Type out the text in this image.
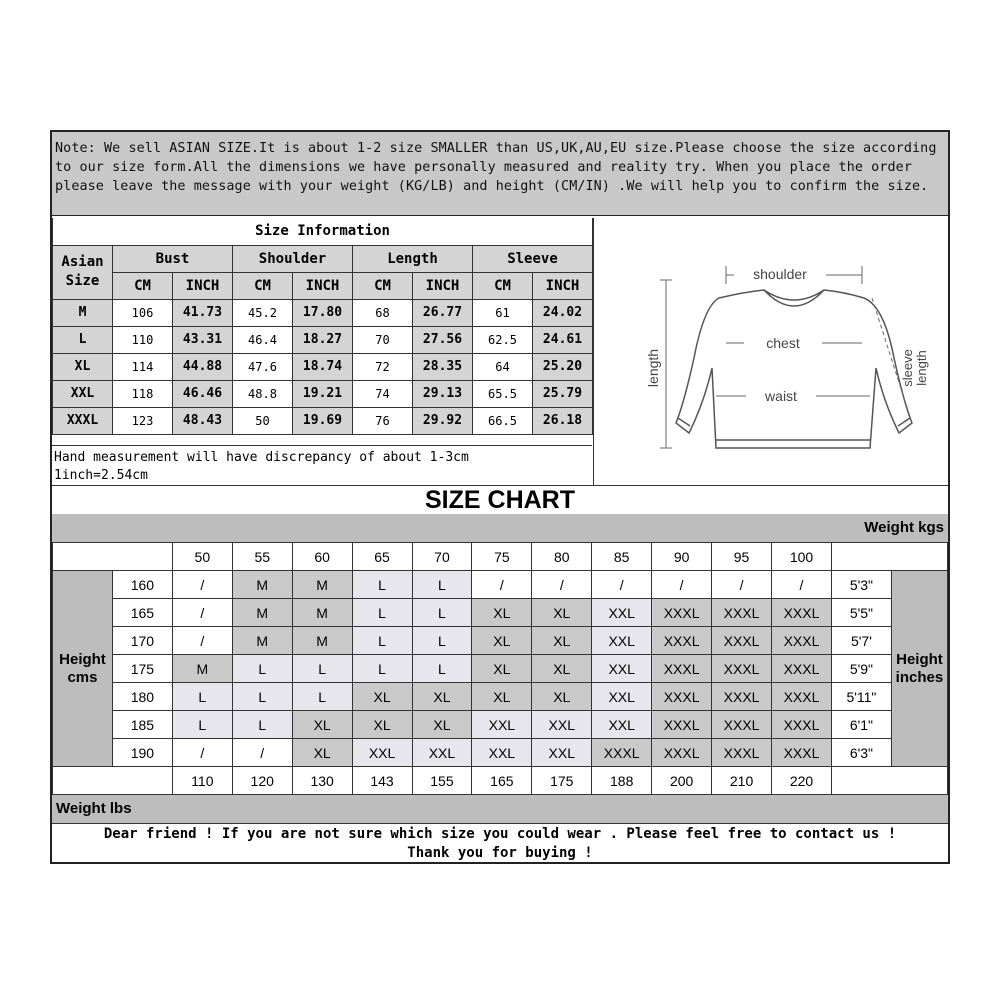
Note: We sell ASIAN SIZE.It is about 1-2 size SMALLER than US,UK,AU,EU size.Please choose the size according to our size form.All the dimensions we have personally measured and reality try. When you place the order please leave the message with your weight (KG/LB) and height (CM/IN) .We will help you to confirm the size.
Size Information								
Asian Size	Bust		Shoulder		Length		Sleeve	
	CM	INCH	CM	INCH	CM	INCH	CM	INCH
M	106	41.73	45.2	17.80	68	26.77	61	24.02
L	110	43.31	46.4	18.27	70	27.56	62.5	24.61
XL	114	44.88	47.6	18.74	72	28.35	64	25.20
XXL	118	46.46	48.8	19.21	74	29.13	65.5	25.79
XXXL	123	48.43	50	19.69	76	29.92	66.5	26.18
Hand measurement will have discrepancy of about 1-3cm
1inch=2.54cm
shoulder
chest
waist
length	sleeve length
SIZE CHART
Weight kgs
		50	55	60	65	70	75	80	85	90	95	100		
Height cms	160	/	M	M	L	L	/	/	/	/	/	/	5'3"	Height inches
	165	/	M	M	L	L	XL	XL	XXL	XXXL	XXXL	XXXL	5'5"	
	170	/	M	M	L	L	XL	XL	XXL	XXXL	XXXL	XXXL	5'7'	
	175	M	L	L	L	L	XL	XL	XXL	XXXL	XXXL	XXXL	5'9"	
	180	L	L	L	XL	XL	XL	XL	XXL	XXXL	XXXL	XXXL	5'11"	
	185	L	L	XL	XL	XL	XXL	XXL	XXL	XXXL	XXXL	XXXL	6'1"	
	190	/	/	XL	XXL	XXL	XXL	XXL	XXXL	XXXL	XXXL	XXXL	6'3"	
		110	120	130	143	155	165	175	188	200	210	220		
Weight lbs
Dear friend ! If you are not sure which size you could wear . Please feel free to contact us !
Thank you for buying !
